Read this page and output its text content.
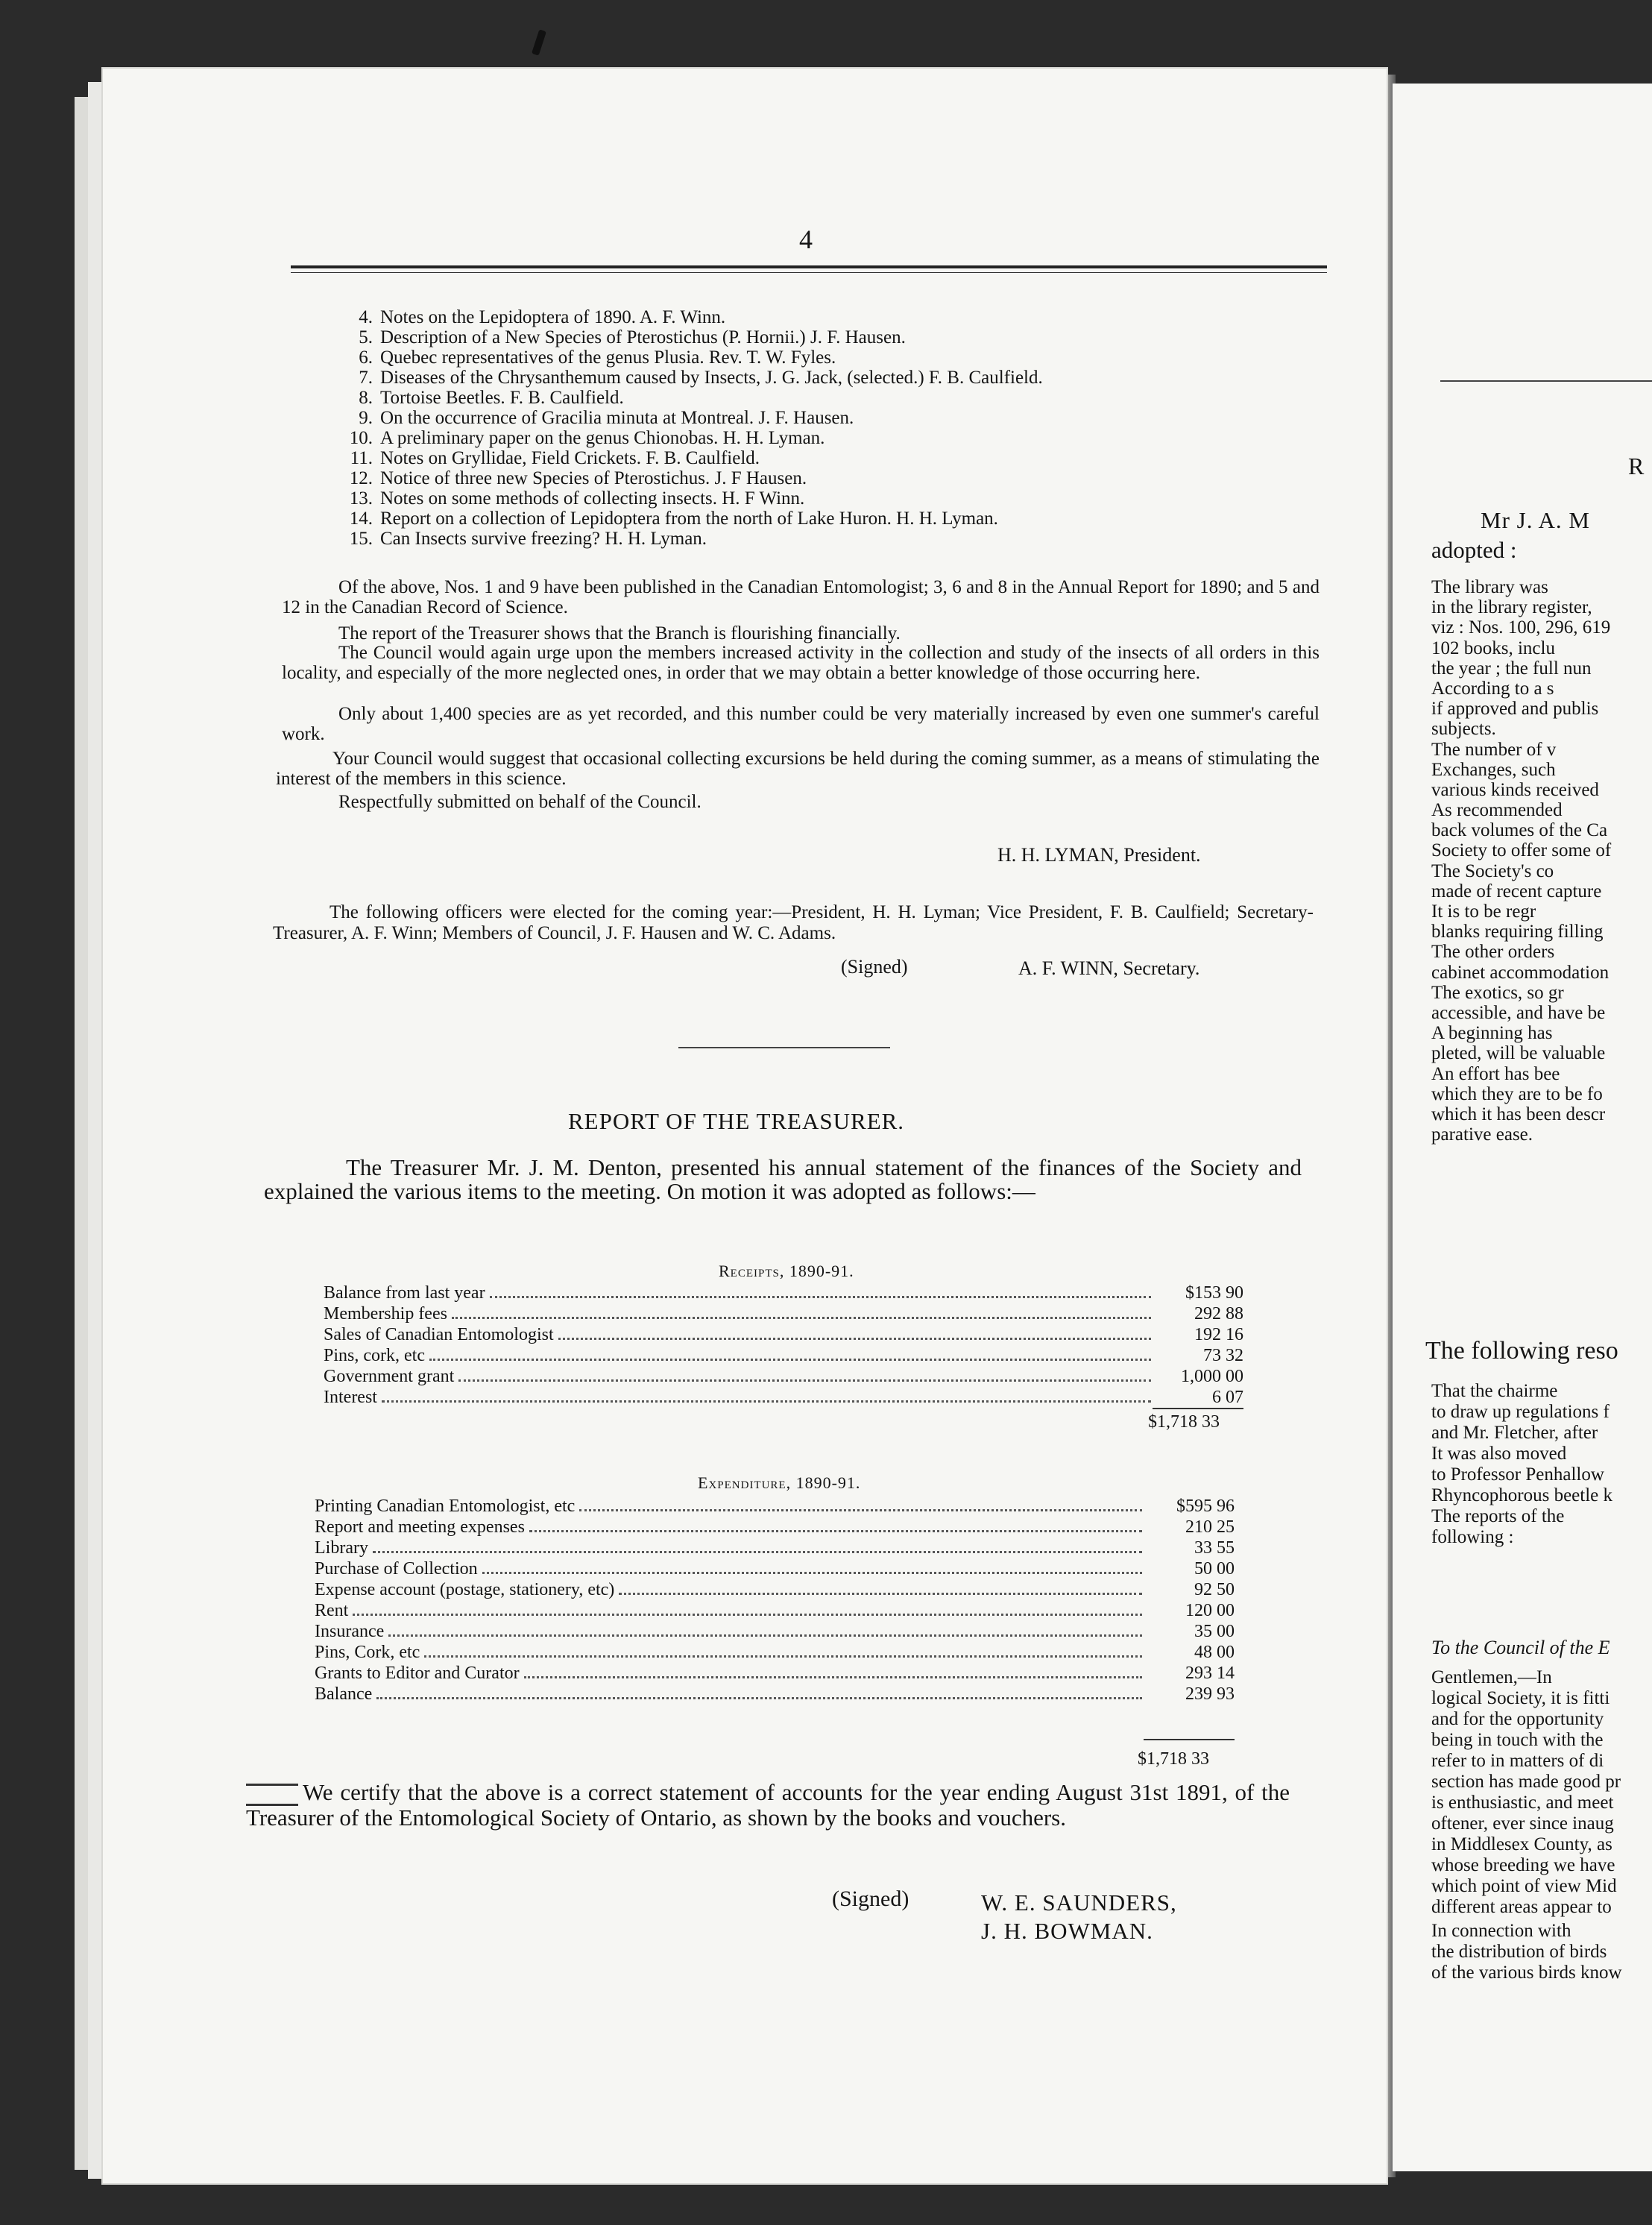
R
Mr J. A. M
adopted :
The library was
in the library register,
viz : Nos. 100, 296, 619
102 books, inclu
the year ; the full nun
According to a s
if approved and publis
subjects.
The number of v
Exchanges, such
various kinds received
As recommended
back volumes of the Ca
Society to offer some of
The Society's co
made of recent capture
It is to be regr
blanks requiring filling
The other orders
cabinet accommodation
The exotics, so gr
accessible, and have be
A beginning has
pleted, will be valuable
An effort has bee
which they are to be fo
which it has been descr
parative ease.
The following reso
That the chairme
to draw up regulations f
and Mr. Fletcher, after
It was also moved
to Professor Penhallow
Rhyncophorous beetle k
The reports of the
following :
To the Council of the E
Gentlemen,—In
logical Society, it is fitti
and for the opportunity
being in touch with the
refer to in matters of di
section has made good pr
is enthusiastic, and meet
oftener, ever since inaug
in Middlesex County, as
whose breeding we have
which point of view Mid
different areas appear to
In connection with
the distribution of birds
of the various birds know
4
4. Notes on the Lepidoptera of 1890. A. F. Winn.
5. Description of a New Species of Pterostichus (P. Hornii.) J. F. Hausen.
6. Quebec representatives of the genus Plusia. Rev. T. W. Fyles.
7. Diseases of the Chrysanthemum caused by Insects, J. G. Jack, (selected.) F. B. Caulfield.
8. Tortoise Beetles. F. B. Caulfield.
9. On the occurrence of Gracilia minuta at Montreal. J. F. Hausen.
10. A preliminary paper on the genus Chionobas. H. H. Lyman.
11. Notes on Gryllidae, Field Crickets. F. B. Caulfield.
12. Notice of three new Species of Pterostichus. J. F Hausen.
13. Notes on some methods of collecting insects. H. F Winn.
14. Report on a collection of Lepidoptera from the north of Lake Huron. H. H. Lyman.
15. Can Insects survive freezing? H. H. Lyman.
Of the above, Nos. 1 and 9 have been published in the Canadian Entomologist; 3, 6 and 8 in the Annual Report for 1890; and 5 and 12 in the Canadian Record of Science.
The report of the Treasurer shows that the Branch is flourishing financially.
The Council would again urge upon the members increased activity in the collection and study of the insects of all orders in this locality, and especially of the more neglected ones, in order that we may obtain a better knowledge of those occurring here.
Only about 1,400 species are as yet recorded, and this number could be very materially increased by even one summer's careful work.
Your Council would suggest that occasional collecting excursions be held during the coming summer, as a means of stimulating the interest of the members in this science.
Respectfully submitted on behalf of the Council.
H. H. LYMAN, President.
The following officers were elected for the coming year:—President, H. H. Lyman; Vice President, F. B. Caulfield; Secretary-Treasurer, A. F. Winn; Members of Council, J. F. Hausen and W. C. Adams.
(Signed)	A. F. WINN, Secretary.
REPORT OF THE TREASURER.
The Treasurer Mr. J. M. Denton, presented his annual statement of the finances of the Society and explained the various items to the meeting. On motion it was adopted as follows:—
Receipts, 1890-91.
Balance from last year	$153 90
Membership fees	292 88
Sales of Canadian Entomologist	192 16
Pins, cork, etc	73 32
Government grant	1,000 00
Interest	6 07
$1,718 33
Expenditure, 1890-91.
Printing Canadian Entomologist, etc	$595 96
Report and meeting expenses	210 25
Library	33 55
Purchase of Collection	50 00
Expense account (postage, stationery, etc)	92 50
Rent	120 00
Insurance	35 00
Pins, Cork, etc	48 00
Grants to Editor and Curator	293 14
Balance	239 93
$1,718 33
We certify that the above is a correct statement of accounts for the year ending August 31st 1891, of the Treasurer of the Entomological Society of Ontario, as shown by the books and vouchers.
(Signed)	W. E. SAUNDERS,
J. H. BOWMAN.
